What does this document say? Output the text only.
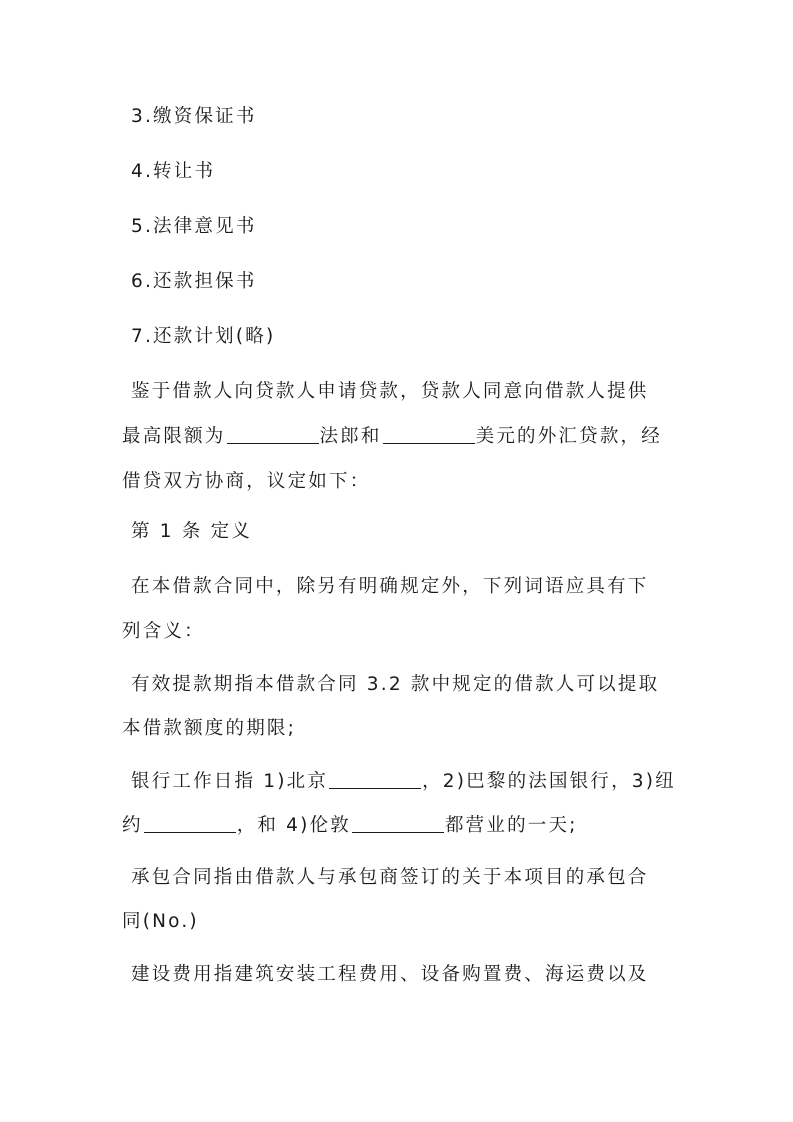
3.缴资保证书
4.转让书
5.法律意见书
6.还款担保书
7.还款计划(略)
鉴于借款人向贷款人申请贷款，贷款人同意向借款人提供
最高限额为	法郎和	美元的外汇贷款，经
借贷双方协商，议定如下：
第 1 条 定义
在本借款合同中，除另有明确规定外，下列词语应具有下
列含义：
有效提款期指本借款合同 3.2 款中规定的借款人可以提取
本借款额度的期限;
银行工作日指 1)北京	，2)巴黎的法国银行，3)纽
约	，和 4)伦敦	都营业的一天;
承包合同指由借款人与承包商签订的关于本项目的承包合
同(No.)
建设费用指建筑安装工程费用、设备购置费、海运费以及
